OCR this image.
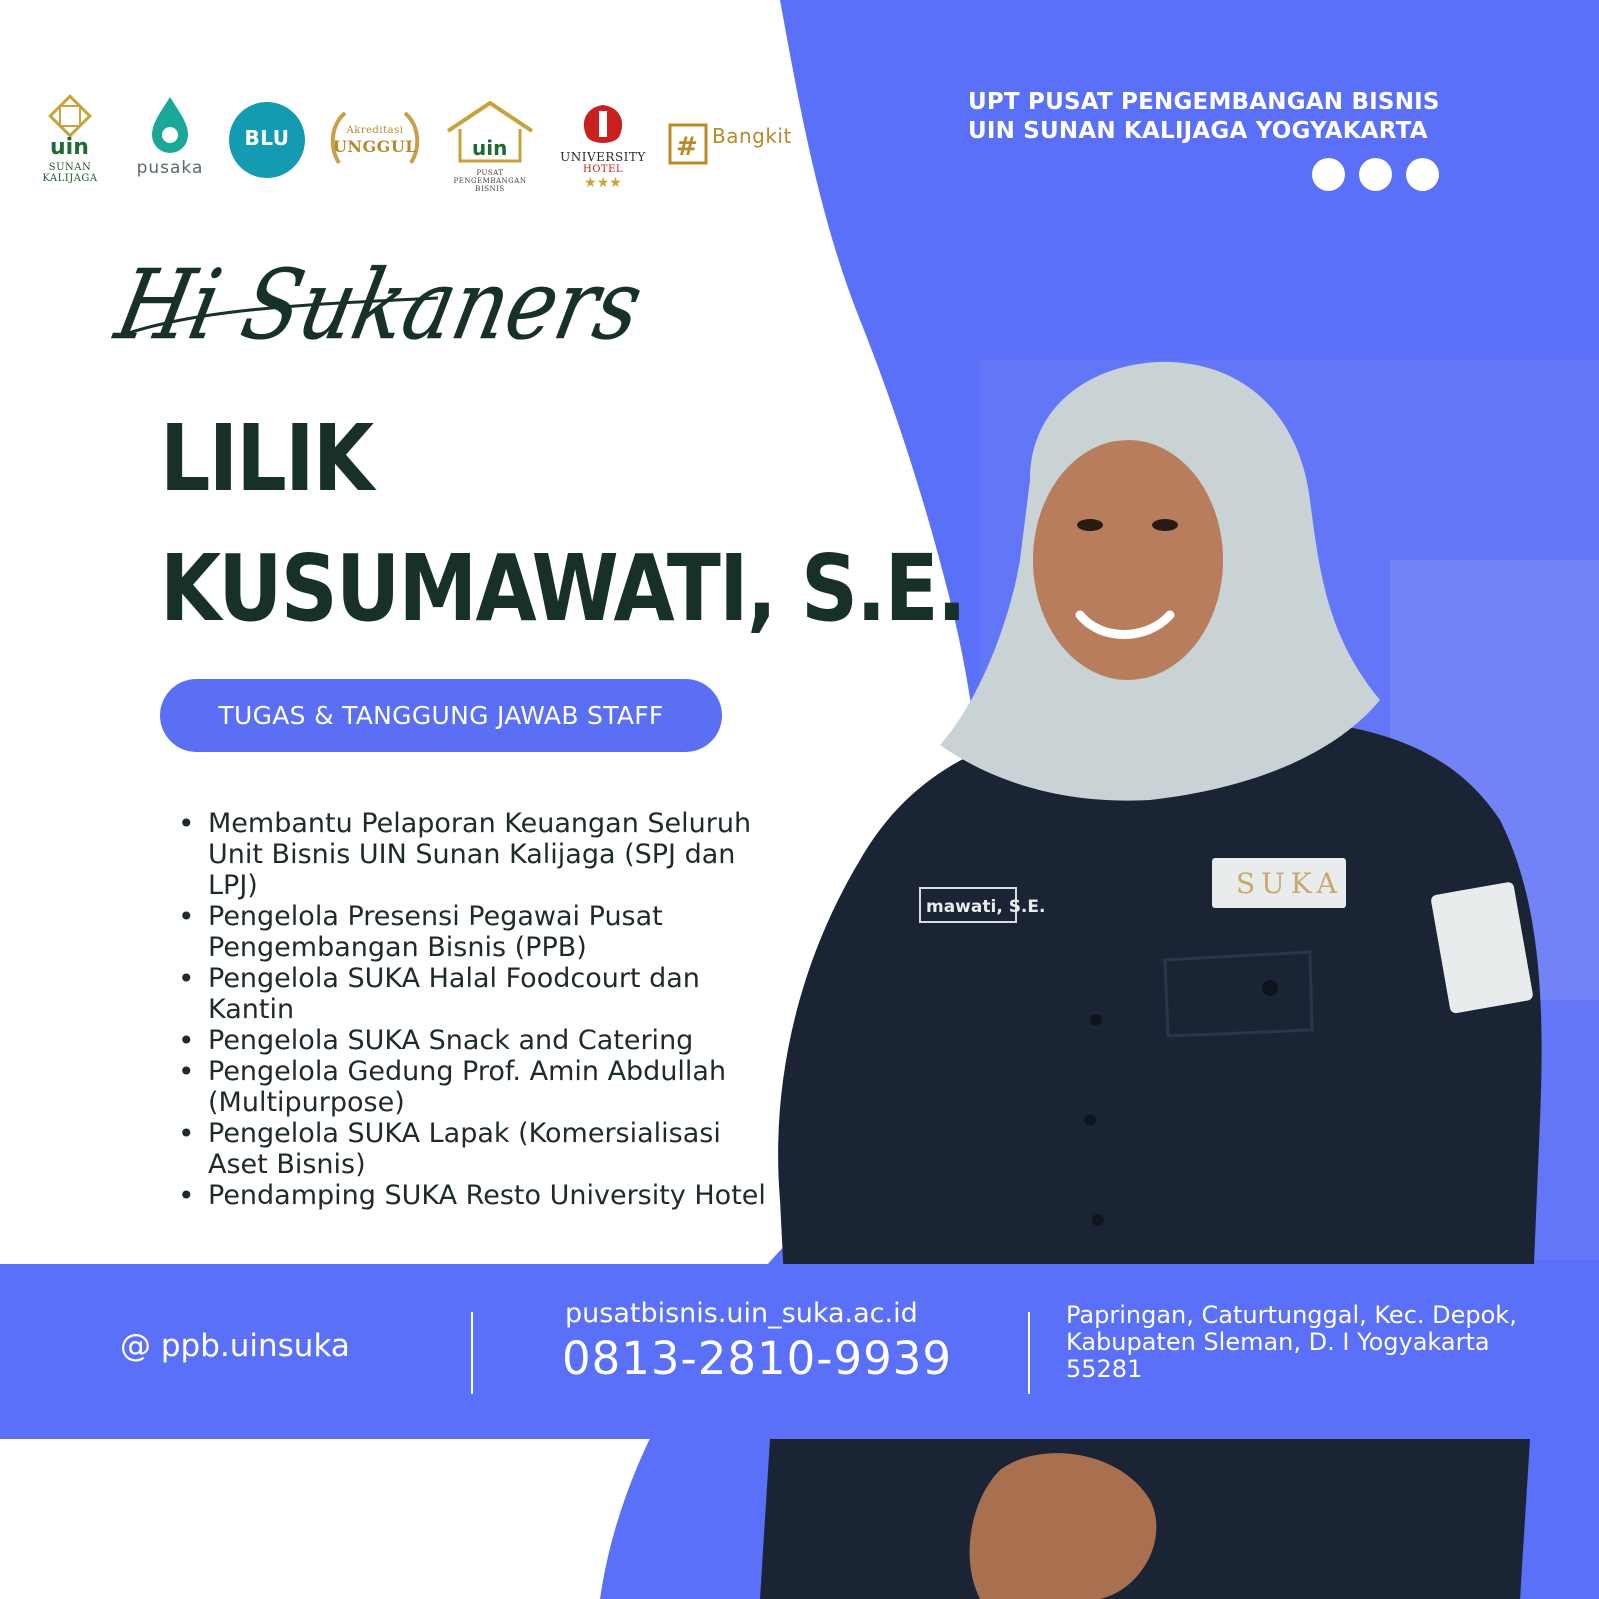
mawati, S.E.
SUKA
uin
SUNAN KALIJAGA
pusaka
BLU	Akreditasi
UNGGUL	uin
PUSAT PENGEMBANGAN BISNIS
UNIVERSITY
HOTEL
★★★
# Bangkit
UPT PUSAT PENGEMBANGAN BISNIS
UIN SUNAN KALIJAGA YOGYAKARTA
Hi Sukaners
LILIK
KUSUMAWATI, S.E.
TUGAS & TANGGUNG JAWAB STAFF
• Membantu Pelaporan Keuangan Seluruh Unit Bisnis UIN Sunan Kalijaga (SPJ dan LPJ)
• Pengelola Presensi Pegawai Pusat Pengembangan Bisnis (PPB)
• Pengelola SUKA Halal Foodcourt dan Kantin
• Pengelola SUKA Snack and Catering
• Pengelola Gedung Prof. Amin Abdullah (Multipurpose)
• Pengelola SUKA Lapak (Komersialisasi Aset Bisnis)
• Pendamping SUKA Resto University Hotel
@ ppb.uinsuka
pusatbisnis.uin_suka.ac.id
0813-2810-9939
Papringan, Caturtunggal, Kec. Depok,
Kabupaten Sleman, D. I Yogyakarta
55281
